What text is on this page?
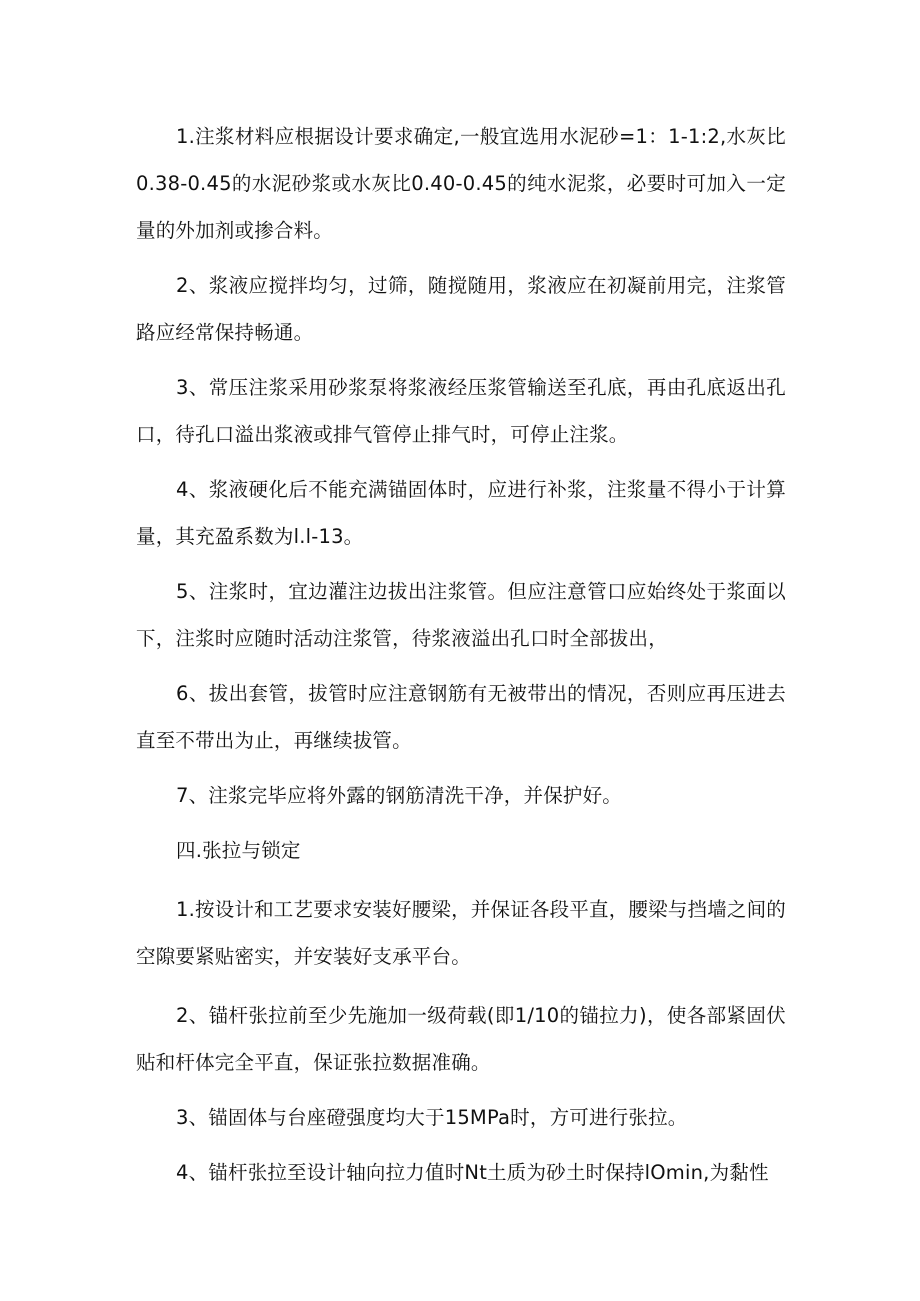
1.注浆材料应根据设计要求确定,一般宜选用水泥砂=1：1-1:2,水灰比0.38-0.45的水泥砂浆或水灰比0.40-0.45的纯水泥浆，必要时可加入一定量的外加剂或掺合料。

2、浆液应搅拌均匀，过筛，随搅随用，浆液应在初凝前用完，注浆管路应经常保持畅通。

3、常压注浆采用砂浆泵将浆液经压浆管输送至孔底，再由孔底返出孔口，待孔口溢出浆液或排气管停止排气时，可停止注浆。

4、浆液硬化后不能充满锚固体时，应进行补浆，注浆量不得小于计算量，其充盈系数为l.l-13。

5、注浆时，宜边灌注边拔出注浆管。但应注意管口应始终处于浆面以下，注浆时应随时活动注浆管，待浆液溢出孔口时全部拔出，

6、拔出套管，拔管时应注意钢筋有无被带出的情况，否则应再压进去直至不带出为止，再继续拔管。

7、注浆完毕应将外露的钢筋清洗干净，并保护好。

四.张拉与锁定

1.按设计和工艺要求安装好腰梁，并保证各段平直，腰梁与挡墙之间的空隙要紧贴密实，并安装好支承平台。

2、锚杆张拉前至少先施加一级荷载(即1/10的锚拉力)，使各部紧固伏贴和杆体完全平直，保证张拉数据准确。

3、锚固体与台座磴强度均大于15MPa时，方可进行张拉。

4、锚杆张拉至设计轴向拉力值时Nt土质为砂土时保持lOmin,为黏性
